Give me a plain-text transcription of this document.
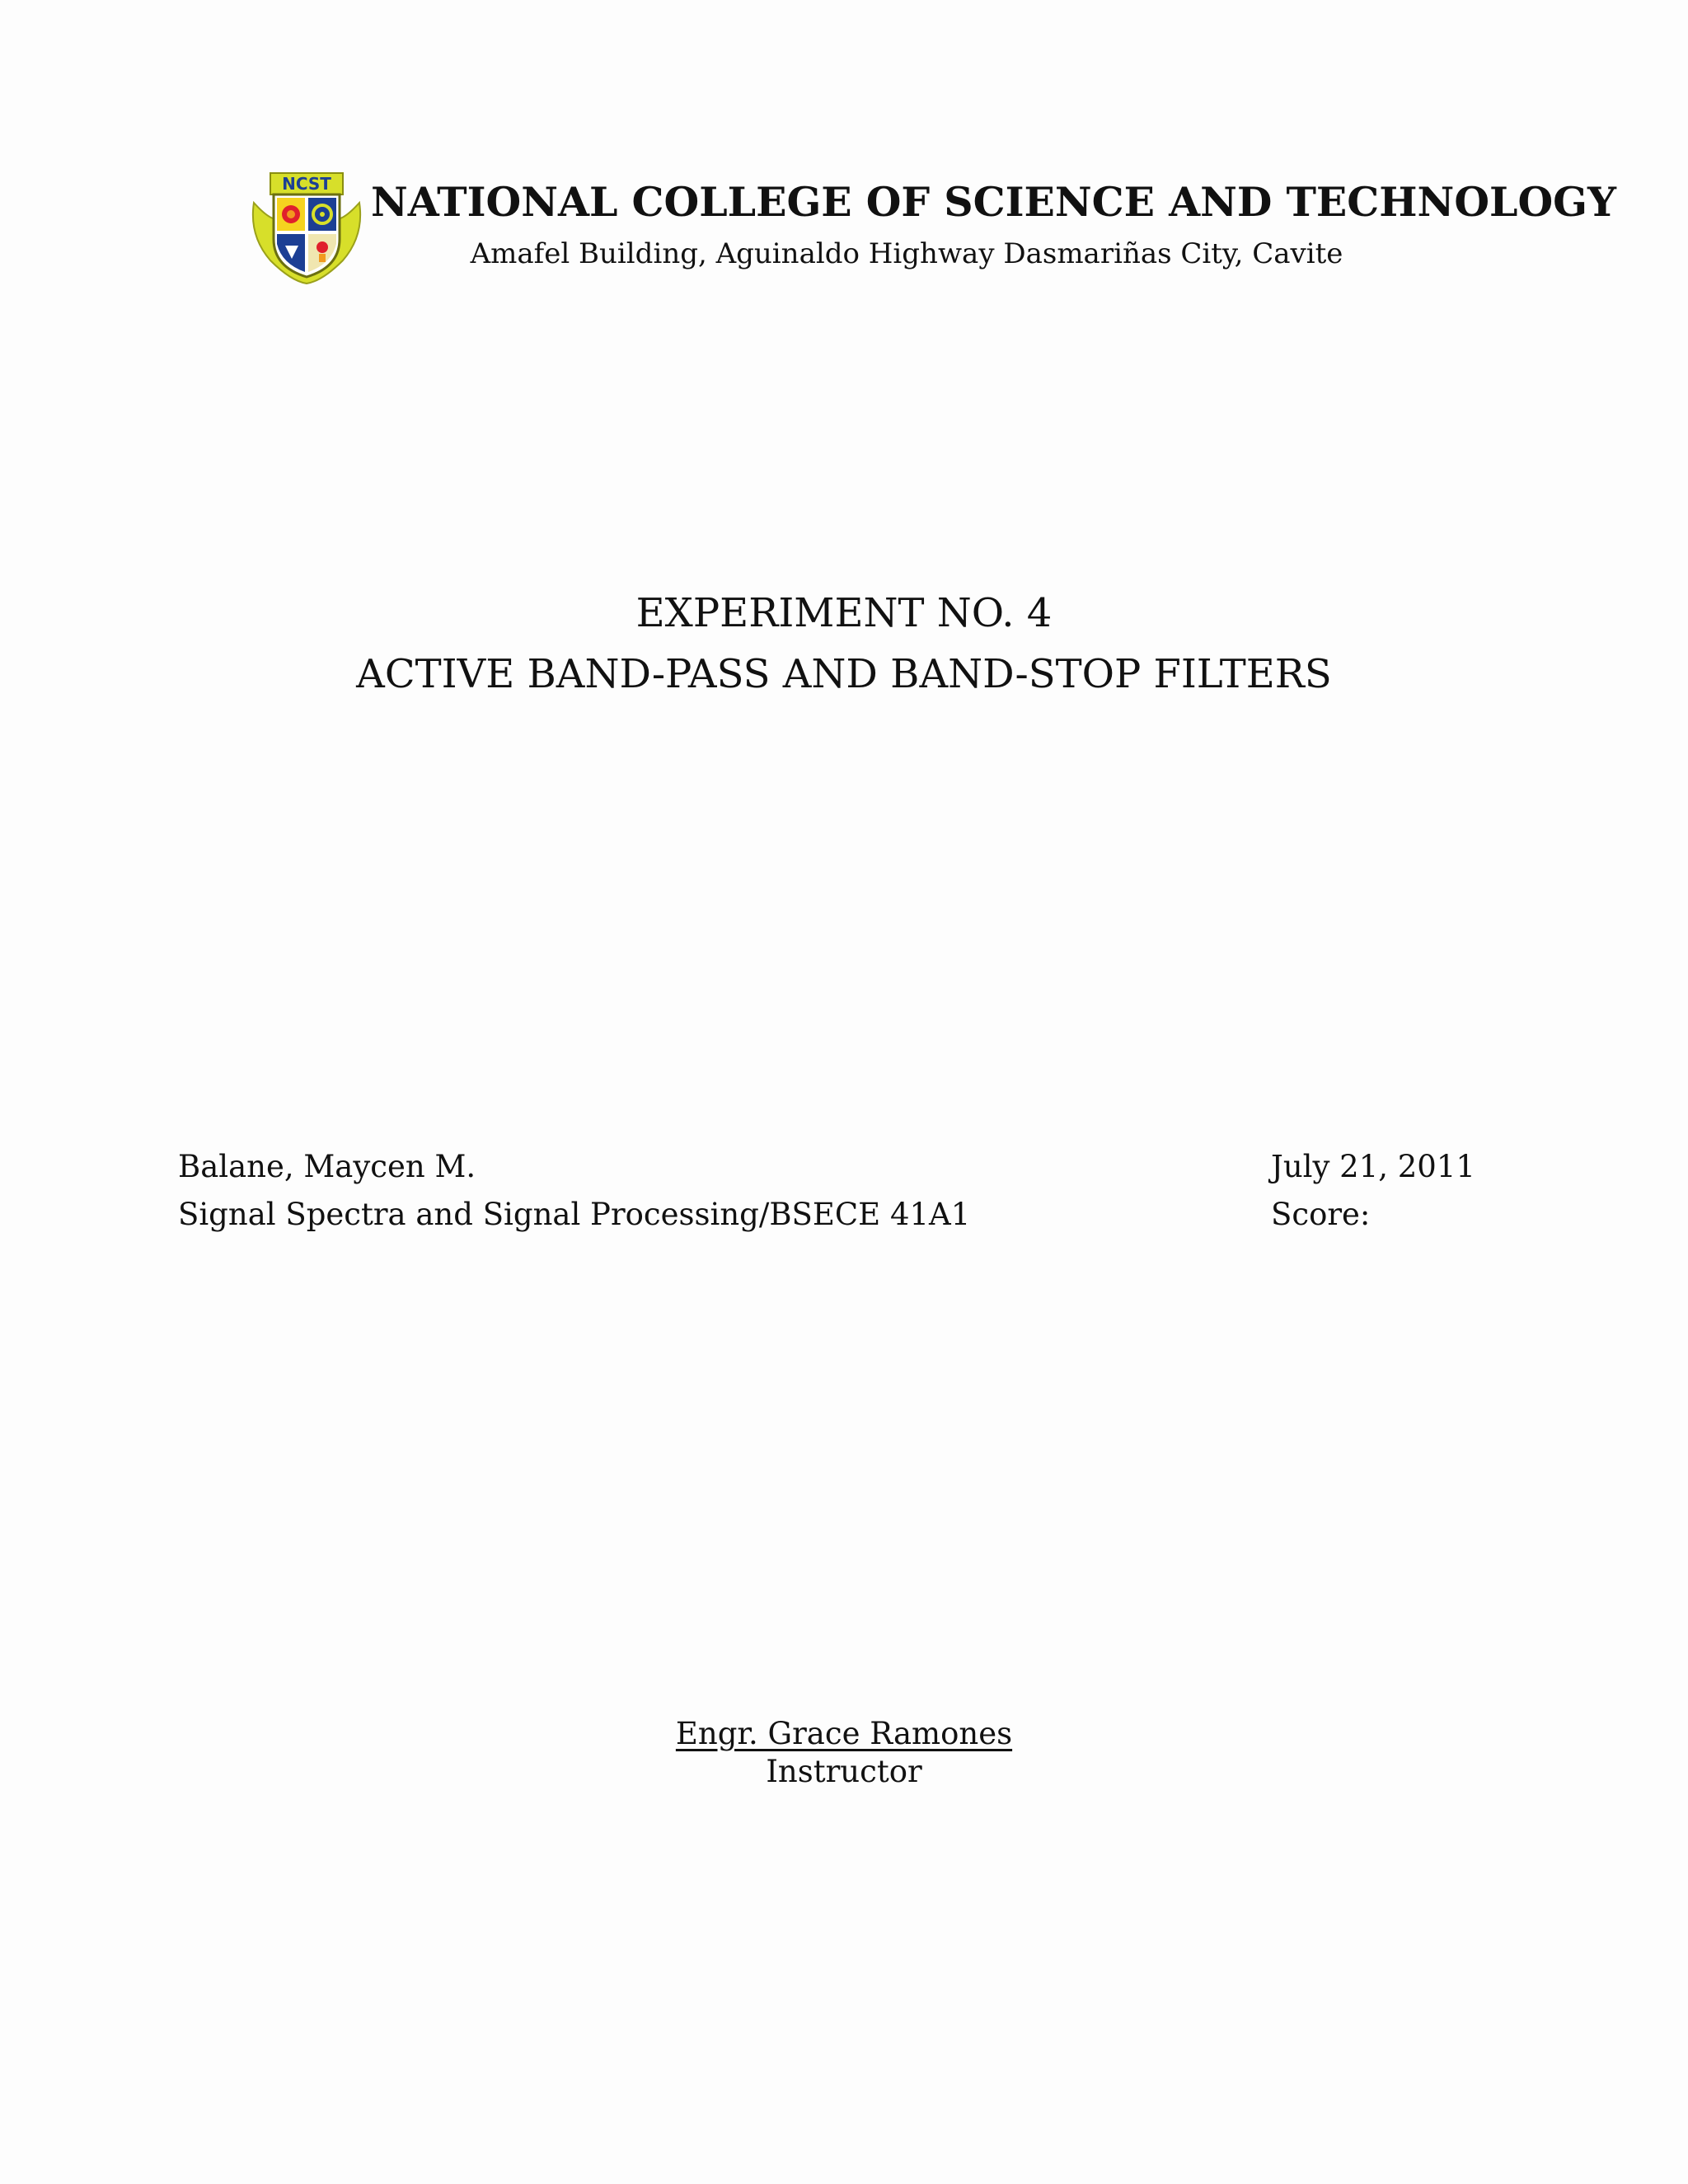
NCST NATIONAL COLLEGE OF SCIENCE AND TECHNOLOGY
Amafel Building, Aguinaldo Highway Dasmariñas City, Cavite
EXPERIMENT NO. 4
ACTIVE BAND-PASS AND BAND-STOP FILTERS
Balane, Maycen M.
Signal Spectra and Signal Processing/BSECE 41A1
July 21, 2011
Score:
Engr. Grace Ramones
Instructor
